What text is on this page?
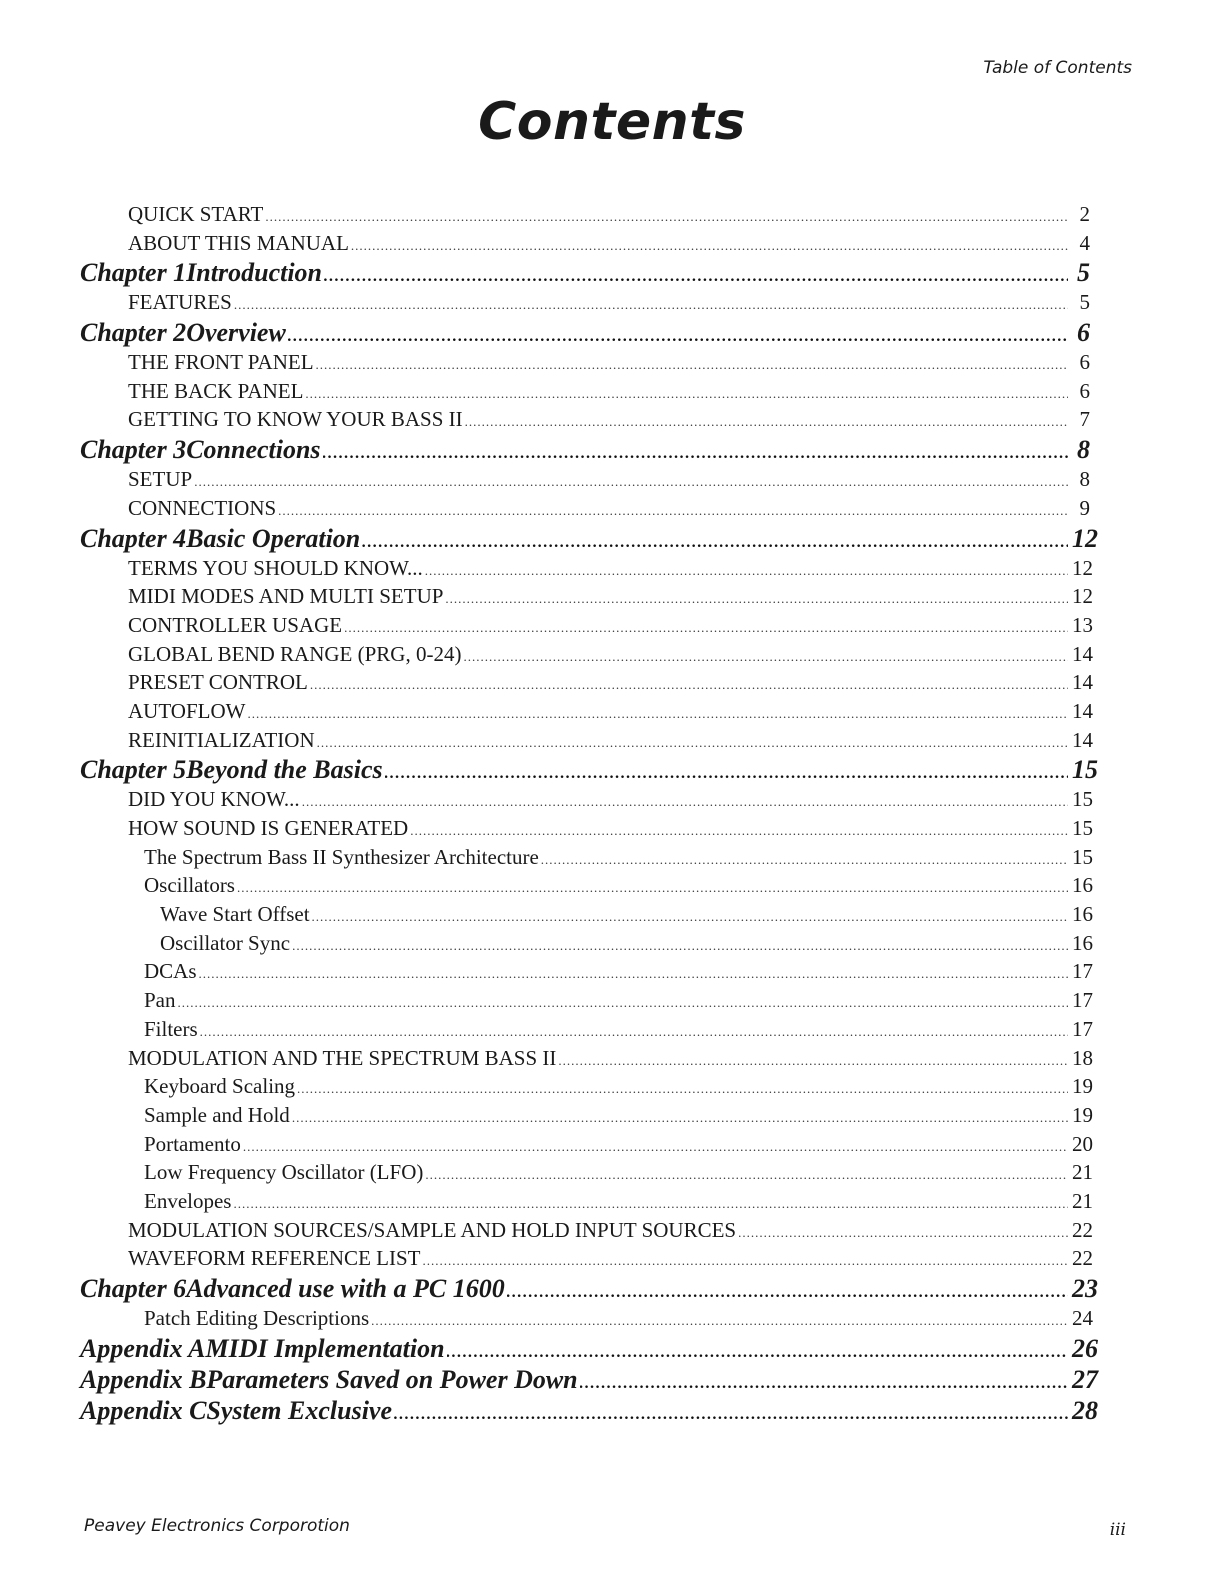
Table of Contents
Contents
QUICK START .....	2
ABOUT THIS MANUAL .....	4
Chapter 1 Introduction .....	5
FEATURES .....	5
Chapter 2 Overview .....	6
THE FRONT PANEL .....	6
THE BACK PANEL .....	6
GETTING TO KNOW YOUR BASS II .....	7
Chapter 3 Connections .....	8
SETUP .....	8
CONNECTIONS .....	9
Chapter 4 Basic Operation .....	12
TERMS YOU SHOULD KNOW... .....	12
MIDI MODES AND MULTI SETUP .....	12
CONTROLLER USAGE .....	13
GLOBAL BEND RANGE (PRG, 0-24) .....	14
PRESET CONTROL .....	14
AUTOFLOW .....	14
REINITIALIZATION .....	14
Chapter 5 Beyond the Basics .....	15
DID YOU KNOW... .....	15
HOW SOUND IS GENERATED .....	15
The Spectrum Bass II Synthesizer Architecture .....	15
Oscillators .....	16
Wave Start Offset .....	16
Oscillator Sync .....	16
DCAs .....	17
Pan .....	17
Filters .....	17
MODULATION AND THE SPECTRUM BASS II .....	18
Keyboard Scaling .....	19
Sample and Hold .....	19
Portamento .....	20
Low Frequency Oscillator (LFO) .....	21
Envelopes .....	21
MODULATION SOURCES/SAMPLE AND HOLD INPUT SOURCES .....	22
WAVEFORM REFERENCE LIST .....	22
Chapter 6 Advanced use with a PC 1600 .....	23
Patch Editing Descriptions .....	24
Appendix A MIDI Implementation .....	26
Appendix B Parameters Saved on Power Down .....	27
Appendix C System Exclusive .....	28
Peavey Electronics Corporotion	iii
